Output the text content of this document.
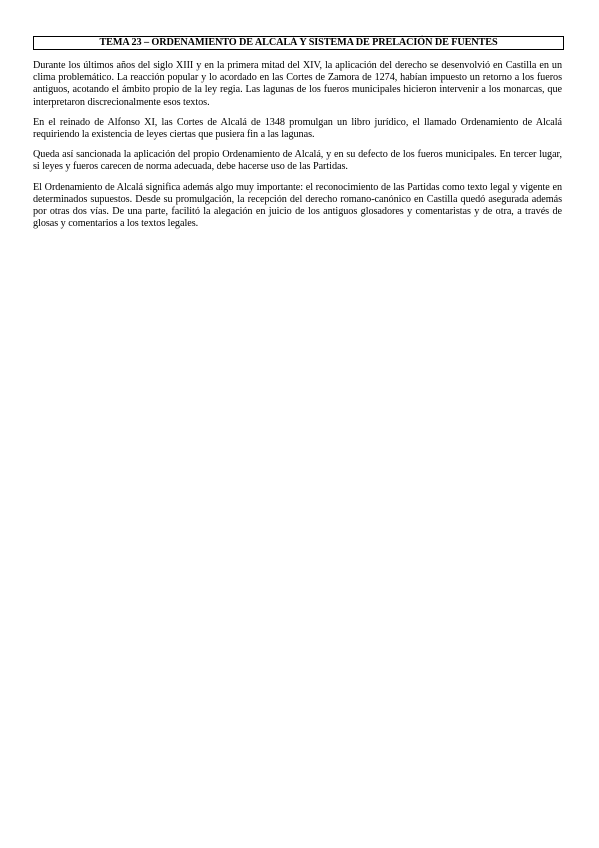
TEMA 23 – ORDENAMIENTO DE ALCALÁ Y SISTEMA DE PRELACIÓN DE FUENTES

Durante los últimos años del siglo XIII y en la primera mitad del XIV, la aplicación del derecho se desenvolvió en Castilla en un clima problemático. La reacción popular y lo acordado en las Cortes de Zamora de 1274, habían impuesto un retorno a los fueros antiguos, acotando el ámbito propio de la ley regia. Las lagunas de los fueros municipales hicieron intervenir a los monarcas, que interpretaron discrecionalmente esos textos.

En el reinado de Alfonso XI, las Cortes de Alcalá de 1348 promulgan un libro jurídico, el llamado Ordenamiento de Alcalá requiriendo la existencia de leyes ciertas que pusiera fin a las lagunas.

Queda así sancionada la aplicación del propio Ordenamiento de Alcalá, y en su defecto de los fueros municipales. En tercer lugar, si leyes y fueros carecen de norma adecuada, debe hacerse uso de las Partidas.

El Ordenamiento de Alcalá significa además algo muy importante: el reconocimiento de las Partidas como texto legal y vigente en determinados supuestos. Desde su promulgación, la recepción del derecho romano-canónico en Castilla quedó asegurada además por otras dos vías. De una parte, facilitó la alegación en juicio de los antiguos glosadores y comentaristas y de otra, a través de glosas y comentarios a los textos legales.
